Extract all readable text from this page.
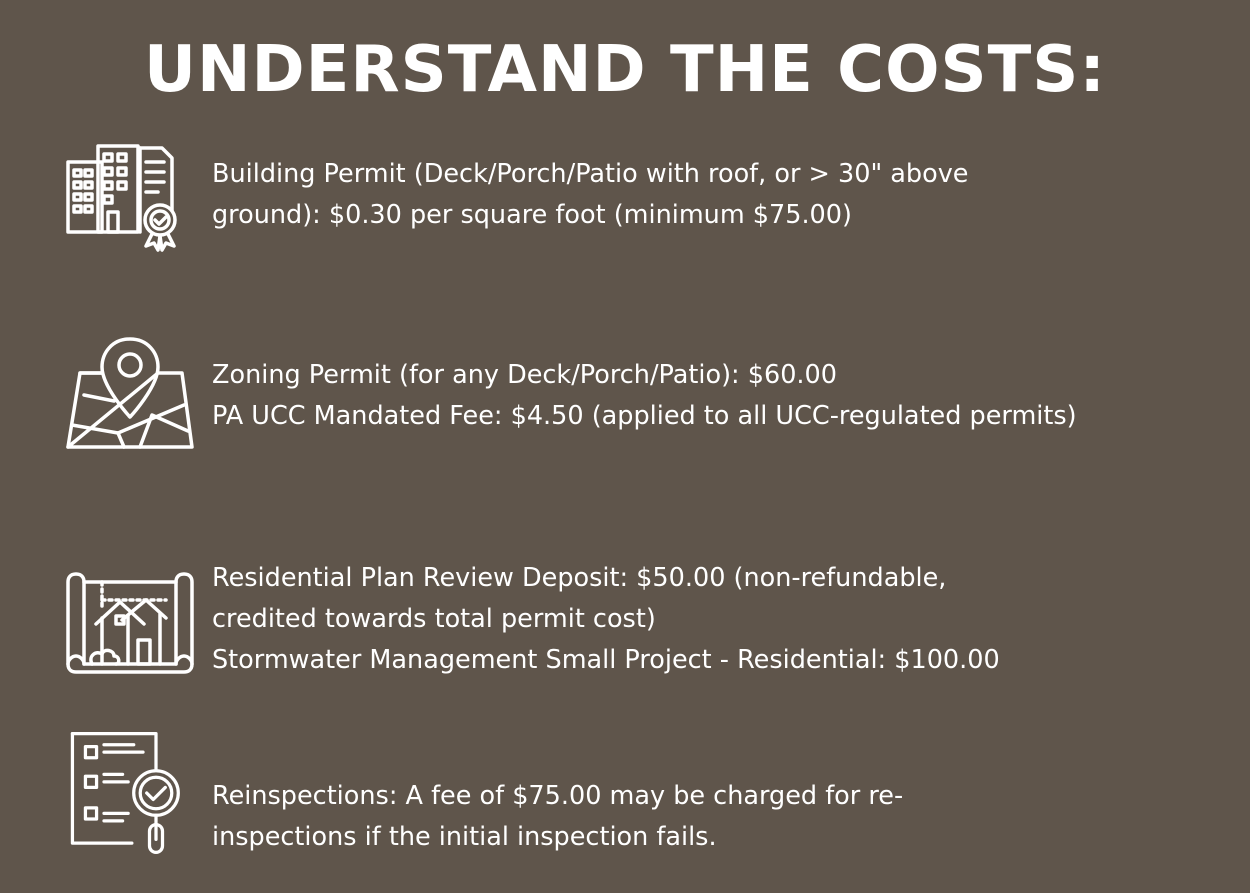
UNDERSTAND THE COSTS:
Building Permit (Deck/Porch/Patio with roof, or > 30" above
ground): $0.30 per square foot (minimum $75.00)
Zoning Permit (for any Deck/Porch/Patio): $60.00
PA UCC Mandated Fee: $4.50 (applied to all UCC-regulated permits)
Residential Plan Review Deposit: $50.00 (non-refundable,
credited towards total permit cost)
Stormwater Management Small Project - Residential: $100.00
Reinspections: A fee of $75.00 may be charged for re-
inspections if the initial inspection fails.
